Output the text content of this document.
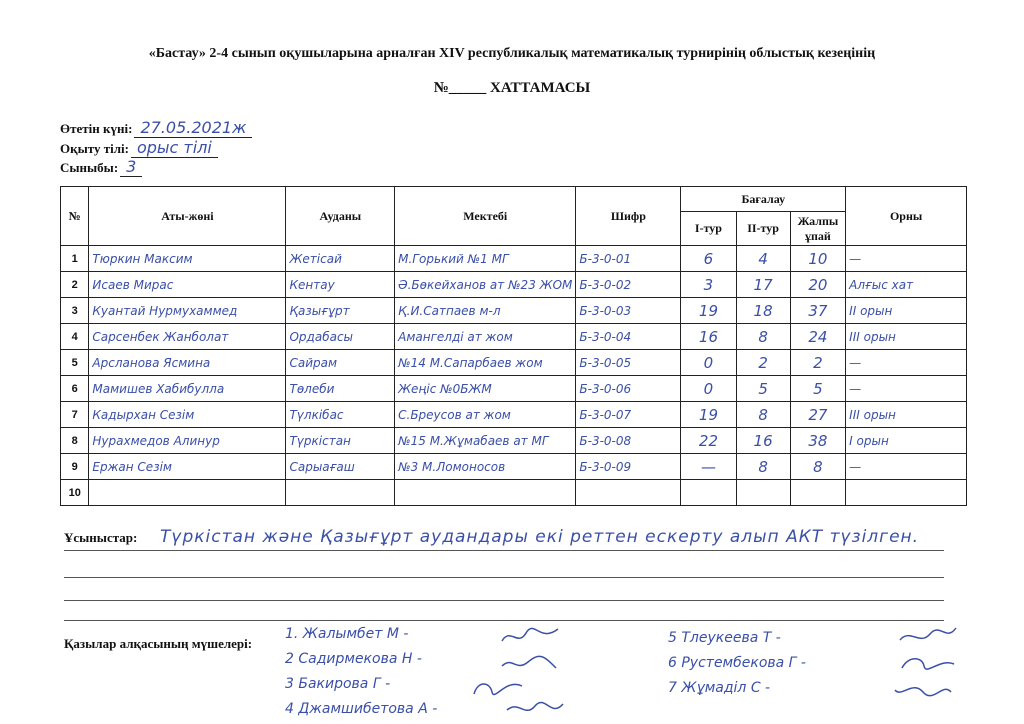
«Бастау» 2-4 сынып оқушыларына арналған XIV республикалық математикалық турнирінің облыстық кезеңінің
№_____ ХАТТАМАСЫ
Өтетін күні: 27.05.2021ж
Оқыту тілі: орыс тілі
Сыныбы: 3
№	Аты-жөні	Ауданы	Мектебі	Шифр	Бағалау			Орны
					I-тур	II-тур	Жалпы ұпай	
1	Тюркин Максим	Жетісай	М.Горький №1 МГ	Б-3-0-01	6	4	10	—
2	Исаев Мирас	Кентау	Ә.Бөкейханов ат №23 ЖОМ	Б-3-0-02	3	17	20	Алғыс хат
3	Куантай Нурмухаммед	Қазығұрт	Қ.И.Сатпаев м-л	Б-3-0-03	19	18	37	II орын
4	Сарсенбек Жанболат	Ордабасы	Амангелді ат жом	Б-3-0-04	16	8	24	III орын
5	Арсланова Ясмина	Сайрам	№14 М.Сапарбаев жом	Б-3-0-05	0	2	2	—
6	Мамишев Хабибулла	Төлеби	Жеңіс №0БЖМ	Б-3-0-06	0	5	5	—
7	Кадырхан Сезім	Түлкібас	С.Бреусов ат жом	Б-3-0-07	19	8	27	III орын
8	Нурахмедов Алинур	Түркістан	№15 М.Жұмабаев ат МГ	Б-3-0-08	22	16	38	I орын
9	Ержан Сезім	Сарыағаш	№3 М.Ломоносов	Б-3-0-09	—	8	8	—
10								
Ұсыныстар: Түркістан және Қазығұрт аудандары екі реттен ескерту алып АКТ түзілген.
Қазылар алқасының мүшелері:
1. Жалымбет М -
2 Садирмекова Н -
3 Бакирова Г -
4 Джамшибетова А -
5 Тлеукеева Т -
6 Рустембекова Г -
7 Жұмаділ С -
